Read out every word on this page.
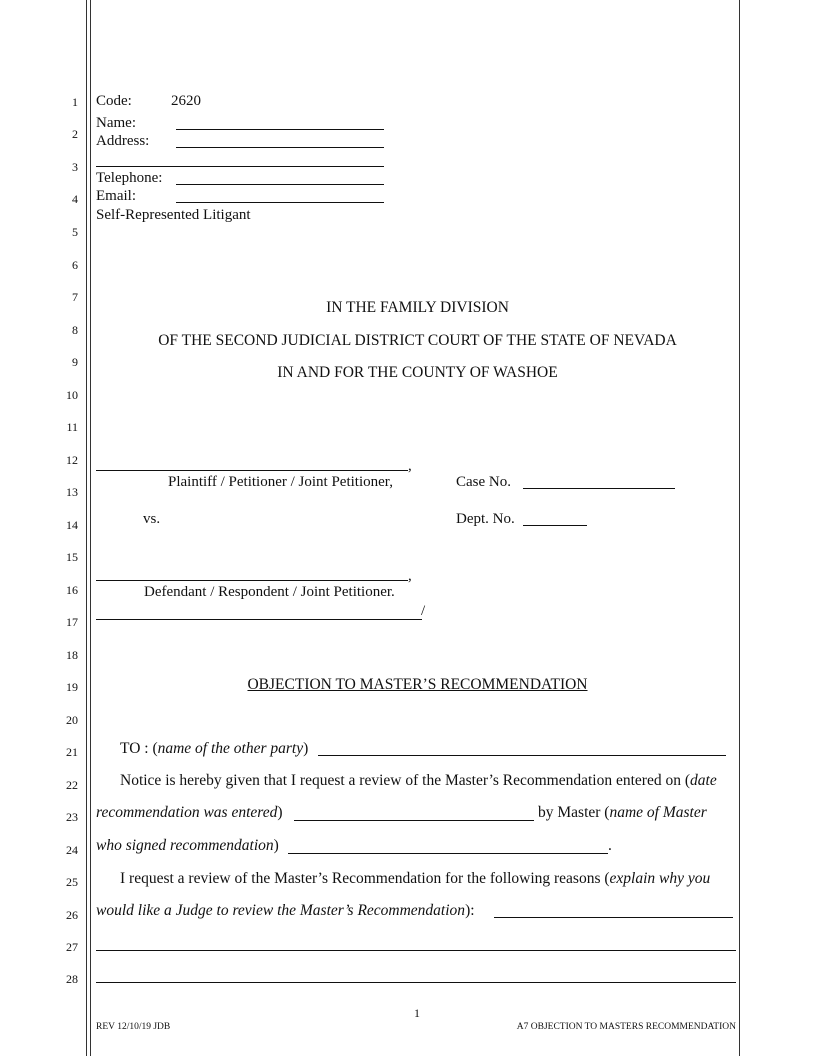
1
2
3
4
5
6
7
8
9
10
11
12
13
14
15
16
17
18
19
20
21
22
23
24
25
26
27
28
Code:	2620
Name:
Address:
Telephone:
Email:
Self-Represented Litigant
IN THE FAMILY DIVISION
OF THE SECOND JUDICIAL DISTRICT COURT OF THE STATE OF NEVADA
IN AND FOR THE COUNTY OF WASHOE
,
Plaintiff / Petitioner / Joint Petitioner,	Case No.
vs.	Dept. No.
,
Defendant / Respondent / Joint Petitioner.
/
OBJECTION TO MASTER’S RECOMMENDATION
TO : (name of the other party)
Notice is hereby given that I request a review of the Master’s Recommendation entered on (date
recommendation was entered)	by Master (name of Master
who signed recommendation)	.
I request a review of the Master’s Recommendation for the following reasons (explain why you
would like a Judge to review the Master’s Recommendation):
1
REV 12/10/19 JDB	A7 OBJECTION TO MASTERS RECOMMENDATION
